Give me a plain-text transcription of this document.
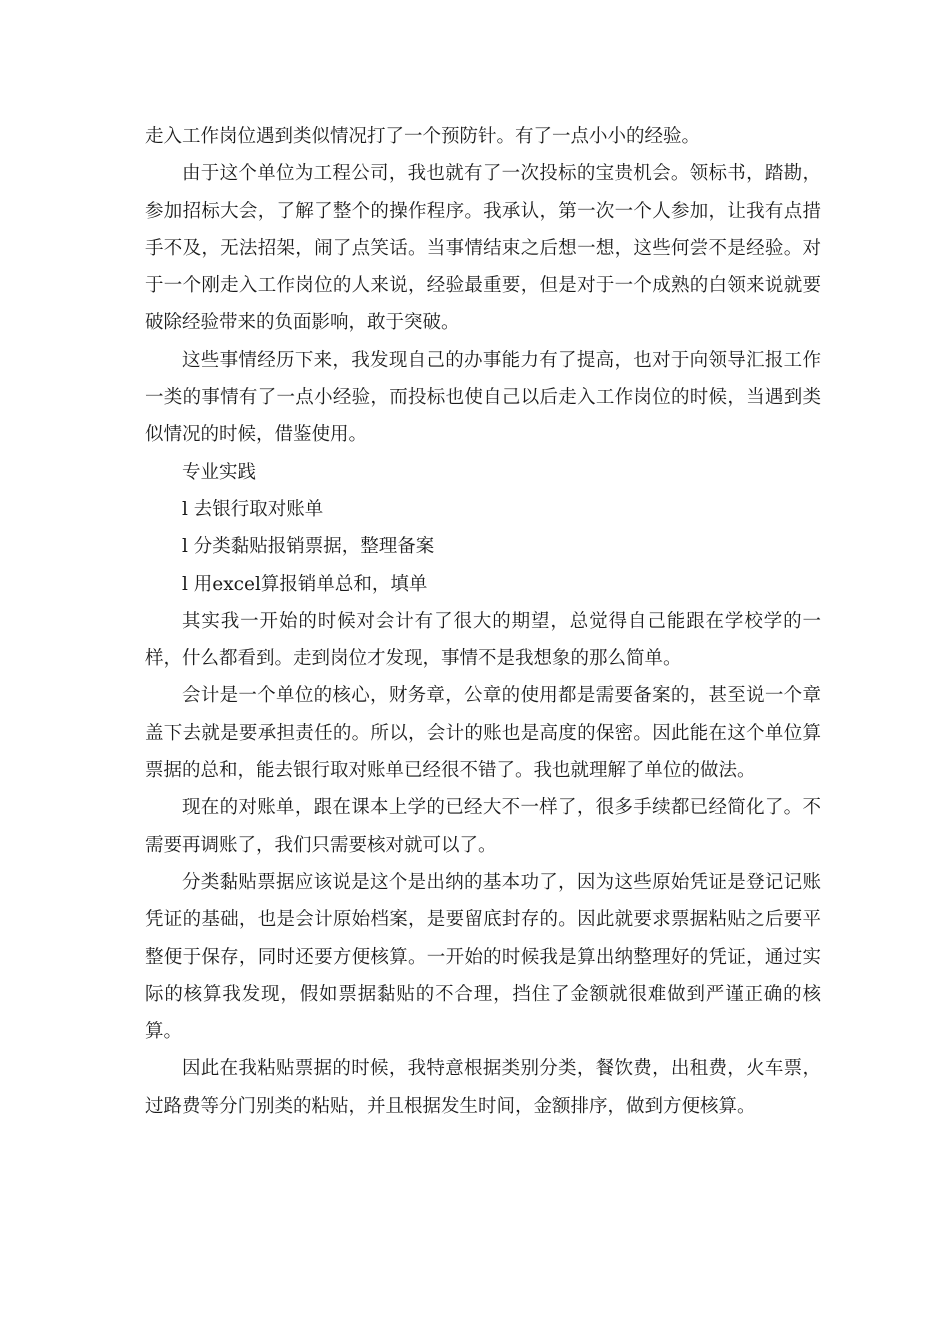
走入工作岗位遇到类似情况打了一个预防针。有了一点小小的经验。

由于这个单位为工程公司，我也就有了一次投标的宝贵机会。领标书，踏勘，参加招标大会，了解了整个的操作程序。我承认，第一次一个人参加，让我有点措手不及，无法招架，闹了点笑话。当事情结束之后想一想，这些何尝不是经验。对于一个刚走入工作岗位的人来说，经验最重要，但是对于一个成熟的白领来说就要破除经验带来的负面影响，敢于突破。

这些事情经历下来，我发现自己的办事能力有了提高，也对于向领导汇报工作一类的事情有了一点小经验，而投标也使自己以后走入工作岗位的时候，当遇到类似情况的时候，借鉴使用。

专业实践

l 去银行取对账单

l 分类黏贴报销票据，整理备案

l 用excel算报销单总和，填单

其实我一开始的时候对会计有了很大的期望，总觉得自己能跟在学校学的一样，什么都看到。走到岗位才发现，事情不是我想象的那么简单。

会计是一个单位的核心，财务章，公章的使用都是需要备案的，甚至说一个章盖下去就是要承担责任的。所以，会计的账也是高度的保密。因此能在这个单位算票据的总和，能去银行取对账单已经很不错了。我也就理解了单位的做法。

现在的对账单，跟在课本上学的已经大不一样了，很多手续都已经简化了。不需要再调账了，我们只需要核对就可以了。

分类黏贴票据应该说是这个是出纳的基本功了，因为这些原始凭证是登记记账凭证的基础，也是会计原始档案，是要留底封存的。因此就要求票据粘贴之后要平整便于保存，同时还要方便核算。一开始的时候我是算出纳整理好的凭证，通过实际的核算我发现，假如票据黏贴的不合理，挡住了金额就很难做到严谨正确的核算。

因此在我粘贴票据的时候，我特意根据类别分类，餐饮费，出租费，火车票，过路费等分门别类的粘贴，并且根据发生时间，金额排序，做到方便核算。
